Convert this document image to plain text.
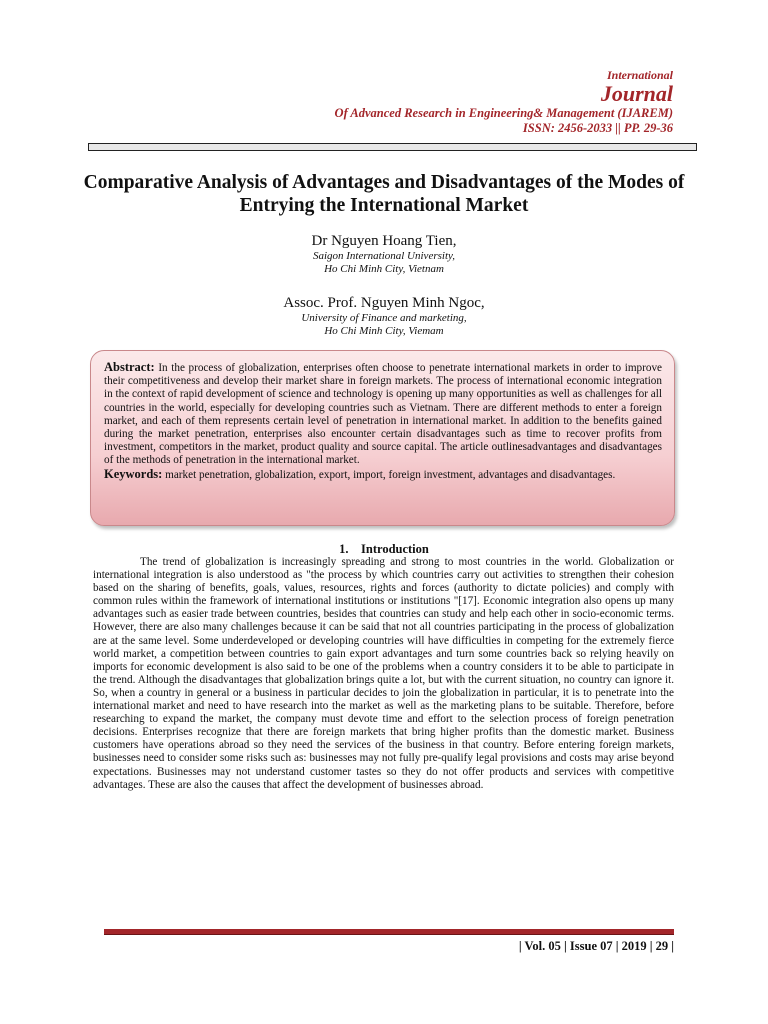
International
Journal
Of Advanced Research in Engineering& Management (IJAREM)
ISSN: 2456-2033 || PP. 29-36
Comparative Analysis of Advantages and Disadvantages of the Modes of Entrying the International Market
Dr Nguyen Hoang Tien,
Saigon International University,
Ho Chi Minh City, Vietnam
Assoc. Prof. Nguyen Minh Ngoc,
University of Finance and marketing,
Ho Chi Minh City, Viemam

Abstract: In the process of globalization, enterprises often choose to penetrate international markets in order to improve their competitiveness and develop their market share in foreign markets. The process of international economic integration in the context of rapid development of science and technology is opening up many opportunities as well as challenges for all countries in the world, especially for developing countries such as Vietnam. There are different methods to enter a foreign market, and each of them represents certain level of penetration in international market. In addition to the benefits gained during the market penetration, enterprises also encounter certain disadvantages such as time to recover profits from investment, competitors in the market, product quality and source capital. The article outlinesadvantages and disadvantages of the methods of penetration in the international market.

Keywords: market penetration, globalization, export, import, foreign investment, advantages and disadvantages.

1.    Introduction

The trend of globalization is increasingly spreading and strong to most countries in the world. Globalization or international integration is also understood as "the process by which countries carry out activities to strengthen their cohesion based on the sharing of benefits, goals, values, resources, rights and forces (authority to dictate policies) and comply with common rules within the framework of international institutions or institutions "[17]. Economic integration also opens up many advantages such as easier trade between countries, besides that countries can study and help each other in socio-economic terms. However, there are also many challenges because it can be said that not all countries participating in the process of globalization are at the same level. Some underdeveloped or developing countries will have difficulties in competing for the extremely fierce world market, a competition between countries to gain export advantages and turn some countries back so relying heavily on imports for economic development is also said to be one of the problems when a country considers it to be able to participate in the trend. Although the disadvantages that globalization brings quite a lot, but with the current situation, no country can ignore it. So, when a country in general or a business in particular decides to join the globalization in particular, it is to penetrate into the international market and need to have research into the market as well as the marketing plans to be suitable. Therefore, before researching to expand the market, the company must devote time and effort to the selection process of foreign penetration decisions. Enterprises recognize that there are foreign markets that bring higher profits than the domestic market. Business customers have operations abroad so they need the services of the business in that country. Before entering foreign markets, businesses need to consider some risks such as: businesses may not fully pre-qualify legal provisions and costs may arise beyond expectations. Businesses may not understand customer tastes so they do not offer products and services with competitive advantages. These are also the causes that affect the development of businesses abroad.

| Vol. 05 | Issue 07 | 2019 | 29 |
